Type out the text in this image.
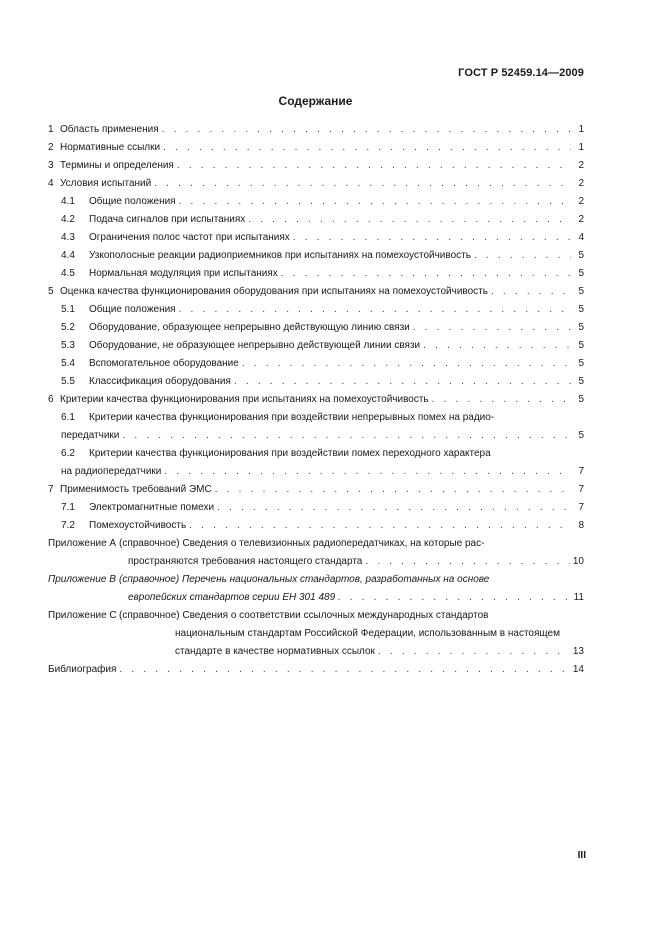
ГОСТ Р 52459.14—2009
Содержание
1 Область применения . . .	1
2 Нормативные ссылки . . .	1
3 Термины и определения . . .	2
4 Условия испытаний . . .	2
4.1	Общие положения . . .	2
4.2	Подача сигналов при испытаниях . . .	2
4.3	Ограничения полос частот при испытаниях . . .	4
4.4	Узкополосные реакции радиоприемников при испытаниях на помехоустойчивость . . .	5
4.5	Нормальная модуляция при испытаниях . . .	5
5 Оценка качества функционирования оборудования при испытаниях на помехоустойчивость . . .	5
5.1	Общие положения . . .	5
5.2	Оборудование, образующее непрерывно действующую линию связи . . .	5
5.3	Оборудование, не образующее непрерывно действующей линии связи . . .	5
5.4	Вспомогательное оборудование . . .	5
5.5	Классификация оборудования . . .	5
6 Критерии качества функционирования при испытаниях на помехоустойчивость . . .	5
6.1	Критерии качества функционирования при воздействии непрерывных помех на радио-
передатчики . . .	5
6.2	Критерии качества функционирования при воздействии помех переходного характера
на радиопередатчики . . .	7
7 Применимость требований ЭМС . . .	7
7.1	Электромагнитные помехи . . .	7
7.2	Помехоустойчивость . . .	8
Приложение А (справочное) Сведения о телевизионных радиопередатчиках, на которые рас-
пространяются требования настоящего стандарта . . .	10
Приложение В (справочное) Перечень национальных стандартов, разработанных на основе
европейских стандартов серии ЕН 301 489 . . .	11
Приложение С (справочное) Сведения о соответствии ссылочных международных стандартов
национальным стандартам Российской Федерации, использованным в настоящем
стандарте в качестве нормативных ссылок . . .	13
Библиография . . .	14
III
